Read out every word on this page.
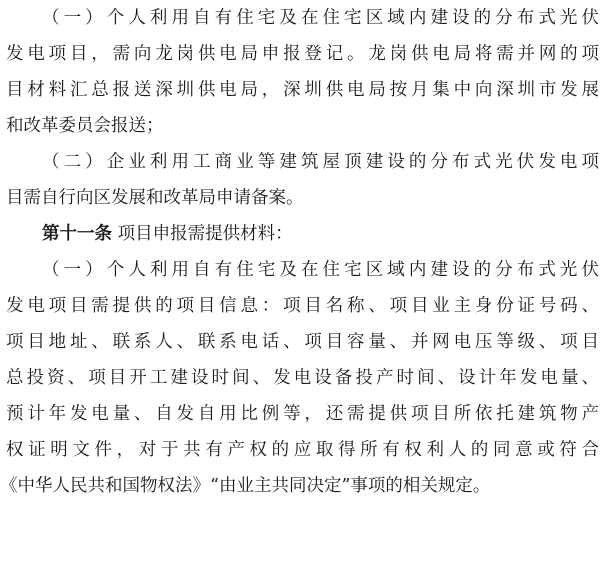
（一）个人利用自有住宅及在住宅区域内建设的分布式光伏
发电项目，需向龙岗供电局申报登记。龙岗供电局将需并网的项
目材料汇总报送深圳供电局，深圳供电局按月集中向深圳市发展
和改革委员会报送；
（二）企业利用工商业等建筑屋顶建设的分布式光伏发电项
目需自行向区发展和改革局申请备案。
第十一条 项目申报需提供材料：
（一）个人利用自有住宅及在住宅区域内建设的分布式光伏
发电项目需提供的项目信息：项目名称、项目业主身份证号码、
项目地址、联系人、联系电话、项目容量、并网电压等级、项目
总投资、项目开工建设时间、发电设备投产时间、设计年发电量、
预计年发电量、自发自用比例等，还需提供项目所依托建筑物产
权证明文件，对于共有产权的应取得所有权利人的同意或符合
《中华人民共和国物权法》“由业主共同决定”事项的相关规定。
